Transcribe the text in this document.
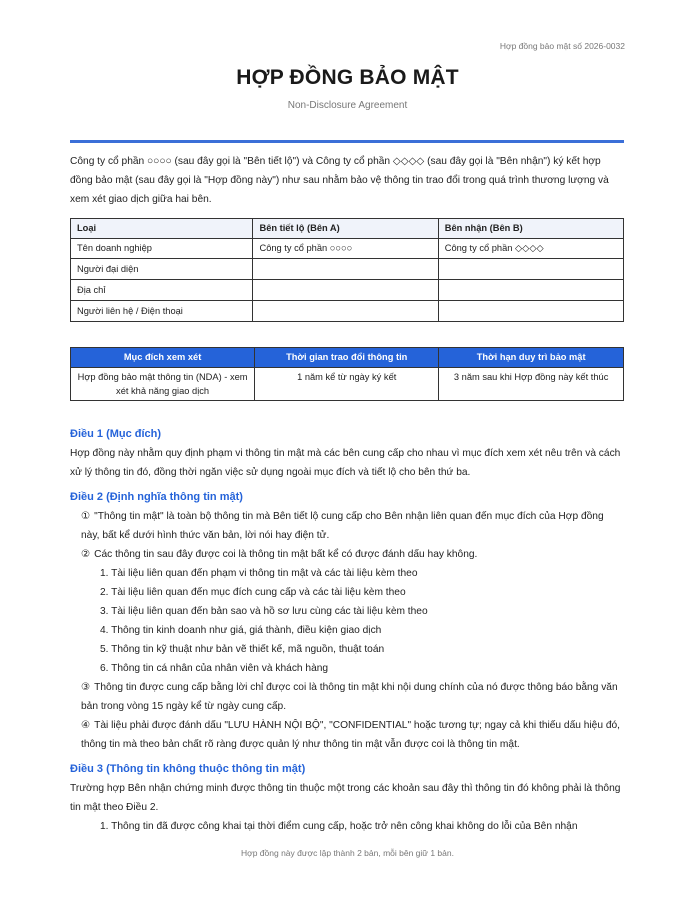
Hợp đồng bảo mật số 2026-0032
HỢP ĐỒNG BẢO MẬT
Non-Disclosure Agreement

Công ty cổ phần ○○○○ (sau đây gọi là "Bên tiết lộ") và Công ty cổ phần ◇◇◇◇ (sau đây gọi là "Bên nhận") ký kết hợp đồng bảo mật (sau đây gọi là "Hợp đồng này") như sau nhằm bảo vệ thông tin trao đổi trong quá trình thương lượng và xem xét giao dịch giữa hai bên.

Loại	Bên tiết lộ (Bên A)	Bên nhận (Bên B)
Tên doanh nghiệp	Công ty cổ phần ○○○○	Công ty cổ phần ◇◇◇◇
Người đại diện		
Địa chỉ		
Người liên hệ / Điện thoại		
Mục đích xem xét	Thời gian trao đổi thông tin	Thời hạn duy trì bảo mật
Hợp đồng bảo mật thông tin (NDA) - xem xét khả năng giao dịch	1 năm kể từ ngày ký kết	3 năm sau khi Hợp đồng này kết thúc
Điều 1 (Mục đích)

Hợp đồng này nhằm quy định phạm vi thông tin mật mà các bên cung cấp cho nhau vì mục đích xem xét nêu trên và cách xử lý thông tin đó, đồng thời ngăn việc sử dụng ngoài mục đích và tiết lộ cho bên thứ ba.

Điều 2 (Định nghĩa thông tin mật)

① "Thông tin mật" là toàn bộ thông tin mà Bên tiết lộ cung cấp cho Bên nhận liên quan đến mục đích của Hợp đồng này, bất kể dưới hình thức văn bản, lời nói hay điện tử.

② Các thông tin sau đây được coi là thông tin mật bất kể có được đánh dấu hay không.

1. Tài liệu liên quan đến phạm vi thông tin mật và các tài liệu kèm theo
2. Tài liệu liên quan đến mục đích cung cấp và các tài liệu kèm theo
3. Tài liệu liên quan đến bản sao và hồ sơ lưu cùng các tài liệu kèm theo
4. Thông tin kinh doanh như giá, giá thành, điều kiện giao dịch
5. Thông tin kỹ thuật như bản vẽ thiết kế, mã nguồn, thuật toán
6. Thông tin cá nhân của nhân viên và khách hàng

③ Thông tin được cung cấp bằng lời chỉ được coi là thông tin mật khi nội dung chính của nó được thông báo bằng văn bản trong vòng 15 ngày kể từ ngày cung cấp.

④ Tài liệu phải được đánh dấu "LƯU HÀNH NỘI BỘ", "CONFIDENTIAL" hoặc tương tự; ngay cả khi thiếu dấu hiệu đó, thông tin mà theo bản chất rõ ràng được quản lý như thông tin mật vẫn được coi là thông tin mật.

Điều 3 (Thông tin không thuộc thông tin mật)

Trường hợp Bên nhận chứng minh được thông tin thuộc một trong các khoản sau đây thì thông tin đó không phải là thông tin mật theo Điều 2.

1. Thông tin đã được công khai tại thời điểm cung cấp, hoặc trở nên công khai không do lỗi của Bên nhận
Hợp đồng này được lập thành 2 bản, mỗi bên giữ 1 bản.
